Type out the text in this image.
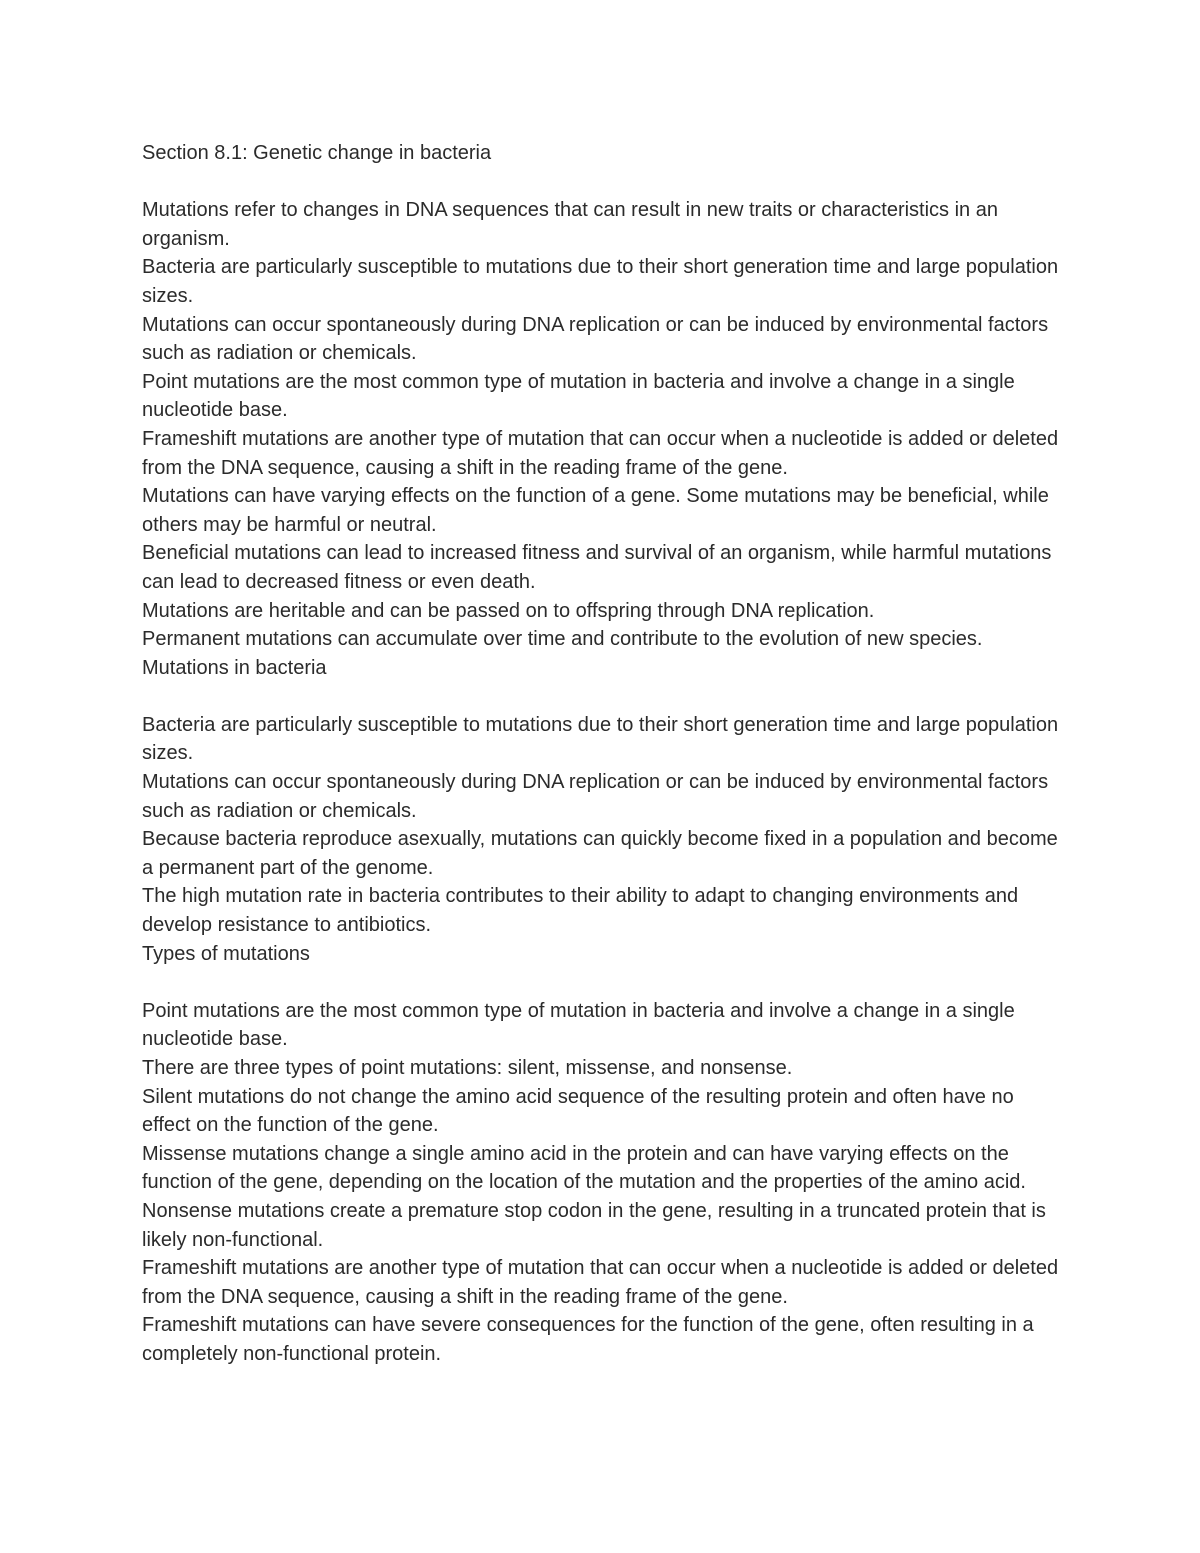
Section 8.1: Genetic change in bacteria

Mutations refer to changes in DNA sequences that can result in new traits or characteristics in an organism.

Bacteria are particularly susceptible to mutations due to their short generation time and large population sizes.

Mutations can occur spontaneously during DNA replication or can be induced by environmental factors such as radiation or chemicals.

Point mutations are the most common type of mutation in bacteria and involve a change in a single nucleotide base.

Frameshift mutations are another type of mutation that can occur when a nucleotide is added or deleted from the DNA sequence, causing a shift in the reading frame of the gene.

Mutations can have varying effects on the function of a gene. Some mutations may be beneficial, while others may be harmful or neutral.

Beneficial mutations can lead to increased fitness and survival of an organism, while harmful mutations can lead to decreased fitness or even death.

Mutations are heritable and can be passed on to offspring through DNA replication.

Permanent mutations can accumulate over time and contribute to the evolution of new species.

Mutations in bacteria

Bacteria are particularly susceptible to mutations due to their short generation time and large population sizes.

Mutations can occur spontaneously during DNA replication or can be induced by environmental factors such as radiation or chemicals.

Because bacteria reproduce asexually, mutations can quickly become fixed in a population and become a permanent part of the genome.

The high mutation rate in bacteria contributes to their ability to adapt to changing environments and develop resistance to antibiotics.

Types of mutations

Point mutations are the most common type of mutation in bacteria and involve a change in a single nucleotide base.

There are three types of point mutations: silent, missense, and nonsense.

Silent mutations do not change the amino acid sequence of the resulting protein and often have no effect on the function of the gene.

Missense mutations change a single amino acid in the protein and can have varying effects on the function of the gene, depending on the location of the mutation and the properties of the amino acid.

Nonsense mutations create a premature stop codon in the gene, resulting in a truncated protein that is likely non-functional.

Frameshift mutations are another type of mutation that can occur when a nucleotide is added or deleted from the DNA sequence, causing a shift in the reading frame of the gene.

Frameshift mutations can have severe consequences for the function of the gene, often resulting in a completely non-functional protein.
